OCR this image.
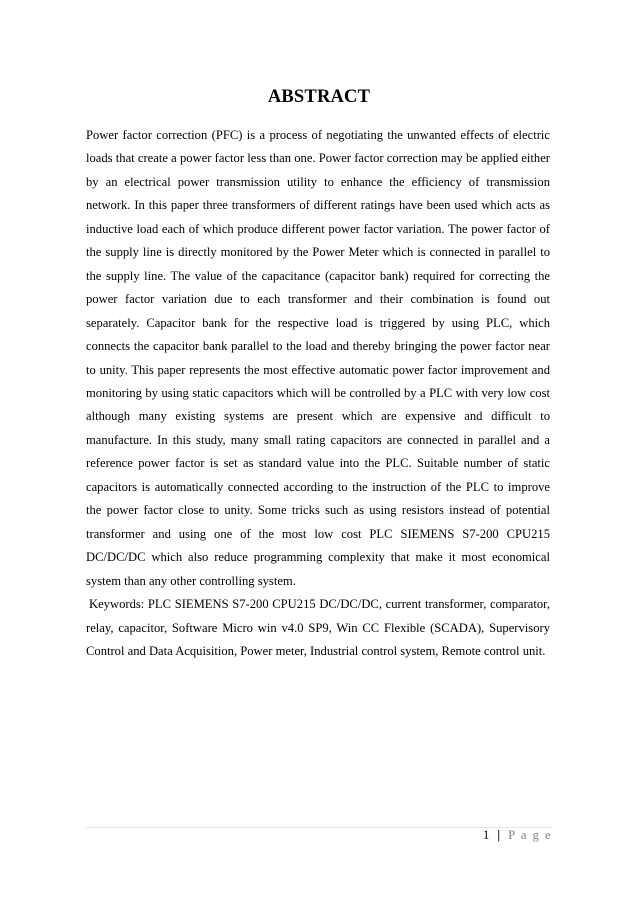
ABSTRACT

Power factor correction (PFC) is a process of negotiating the unwanted effects of electric loads that create a power factor less than one. Power factor correction may be applied either by an electrical power transmission utility to enhance the efficiency of transmission network. In this paper three transformers of different ratings have been used which acts as inductive load each of which produce different power factor variation. The power factor of the supply line is directly monitored by the Power Meter which is connected in parallel to the supply line. The value of the capacitance (capacitor bank) required for correcting the power factor variation due to each transformer and their combination is found out separately. Capacitor bank for the respective load is triggered by using PLC, which connects the capacitor bank parallel to the load and thereby bringing the power factor near to unity. This paper represents the most effective automatic power factor improvement and monitoring by using static capacitors which will be controlled by a PLC with very low cost although many existing systems are present which are expensive and difficult to manufacture. In this study, many small rating capacitors are connected in parallel and a reference power factor is set as standard value into the PLC. Suitable number of static capacitors is automatically connected according to the instruction of the PLC to improve the power factor close to unity. Some tricks such as using resistors instead of potential transformer and using one of the most low cost PLC SIEMENS S7-200 CPU215 DC/DC/DC which also reduce programming complexity that make it most economical system than any other controlling system.

Keywords: PLC SIEMENS S7-200 CPU215 DC/DC/DC, current transformer, comparator, relay, capacitor, Software Micro win v4.0 SP9, Win CC Flexible (SCADA), Supervisory Control and Data Acquisition, Power meter, Industrial control system, Remote control unit.

1 | P a g e
